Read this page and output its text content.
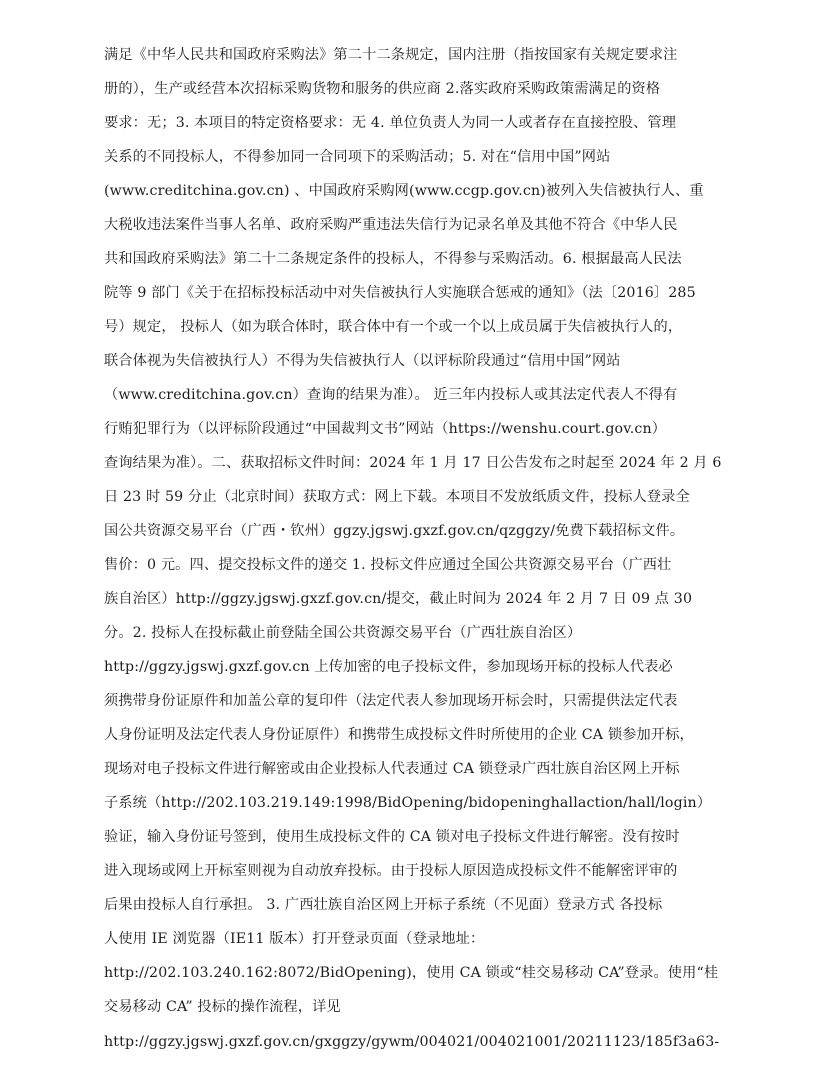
满足《中华人民共和国政府采购法》第二十二条规定，国内注册（指按国家有关规定要求注
册的），生产或经营本次招标采购货物和服务的供应商 2.落实政府采购政策需满足的资格
要求：无；3. 本项目的特定资格要求：无 4. 单位负责人为同一人或者存在直接控股、管理
关系的不同投标人，不得参加同一合同项下的采购活动；5. 对在“信用中国”网站
(www.creditchina.gov.cn) 、中国政府采购网(www.ccgp.gov.cn)被列入失信被执行人、重
大税收违法案件当事人名单、政府采购严重违法失信行为记录名单及其他不符合《中华人民
共和国政府采购法》第二十二条规定条件的投标人，不得参与采购活动。6. 根据最高人民法
院等 9 部门《关于在招标投标活动中对失信被执行人实施联合惩戒的通知》（法〔2016〕285
号）规定， 投标人（如为联合体时，联合体中有一个或一个以上成员属于失信被执行人的，
联合体视为失信被执行人）不得为失信被执行人（以评标阶段通过“信用中国”网站
（www.creditchina.gov.cn）查询的结果为准）。 近三年内投标人或其法定代表人不得有
行贿犯罪行为（以评标阶段通过“中国裁判文书”网站（https://wenshu.court.gov.cn）
查询结果为准）。二、获取招标文件时间：2024 年 1 月 17 日公告发布之时起至 2024 年 2 月 6
日 23 时 59 分止（北京时间）获取方式：网上下载。本项目不发放纸质文件，投标人登录全
国公共资源交易平台（广西・钦州）ggzy.jgswj.gxzf.gov.cn/qzggzy/免费下载招标文件。
售价：0 元。四、提交投标文件的递交 1. 投标文件应通过全国公共资源交易平台（广西壮
族自治区）http://ggzy.jgswj.gxzf.gov.cn/提交，截止时间为 2024 年 2 月 7 日 09 点 30
分。2. 投标人在投标截止前登陆全国公共资源交易平台（广西壮族自治区）
http://ggzy.jgswj.gxzf.gov.cn 上传加密的电子投标文件，参加现场开标的投标人代表必
须携带身份证原件和加盖公章的复印件（法定代表人参加现场开标会时，只需提供法定代表
人身份证明及法定代表人身份证原件）和携带生成投标文件时所使用的企业 CA 锁参加开标，
现场对电子投标文件进行解密或由企业投标人代表通过 CA 锁登录广西壮族自治区网上开标
子系统（http://202.103.219.149:1998/BidOpening/bidopeninghallaction/hall/login）
验证，输入身份证号签到，使用生成投标文件的 CA 锁对电子投标文件进行解密。没有按时
进入现场或网上开标室则视为自动放弃投标。由于投标人原因造成投标文件不能解密评审的
后果由投标人自行承担。 3. 广西壮族自治区网上开标子系统（不见面）登录方式 各投标
人使用 IE 浏览器（IE11 版本）打开登录页面（登录地址：
http://202.103.240.162:8072/BidOpening)，使用 CA 锁或“桂交易移动 CA”登录。使用“桂
交易移动 CA” 投标的操作流程，详见
http://ggzy.jgswj.gxzf.gov.cn/gxggzy/gywm/004021/004021001/20211123/185f3a63-
